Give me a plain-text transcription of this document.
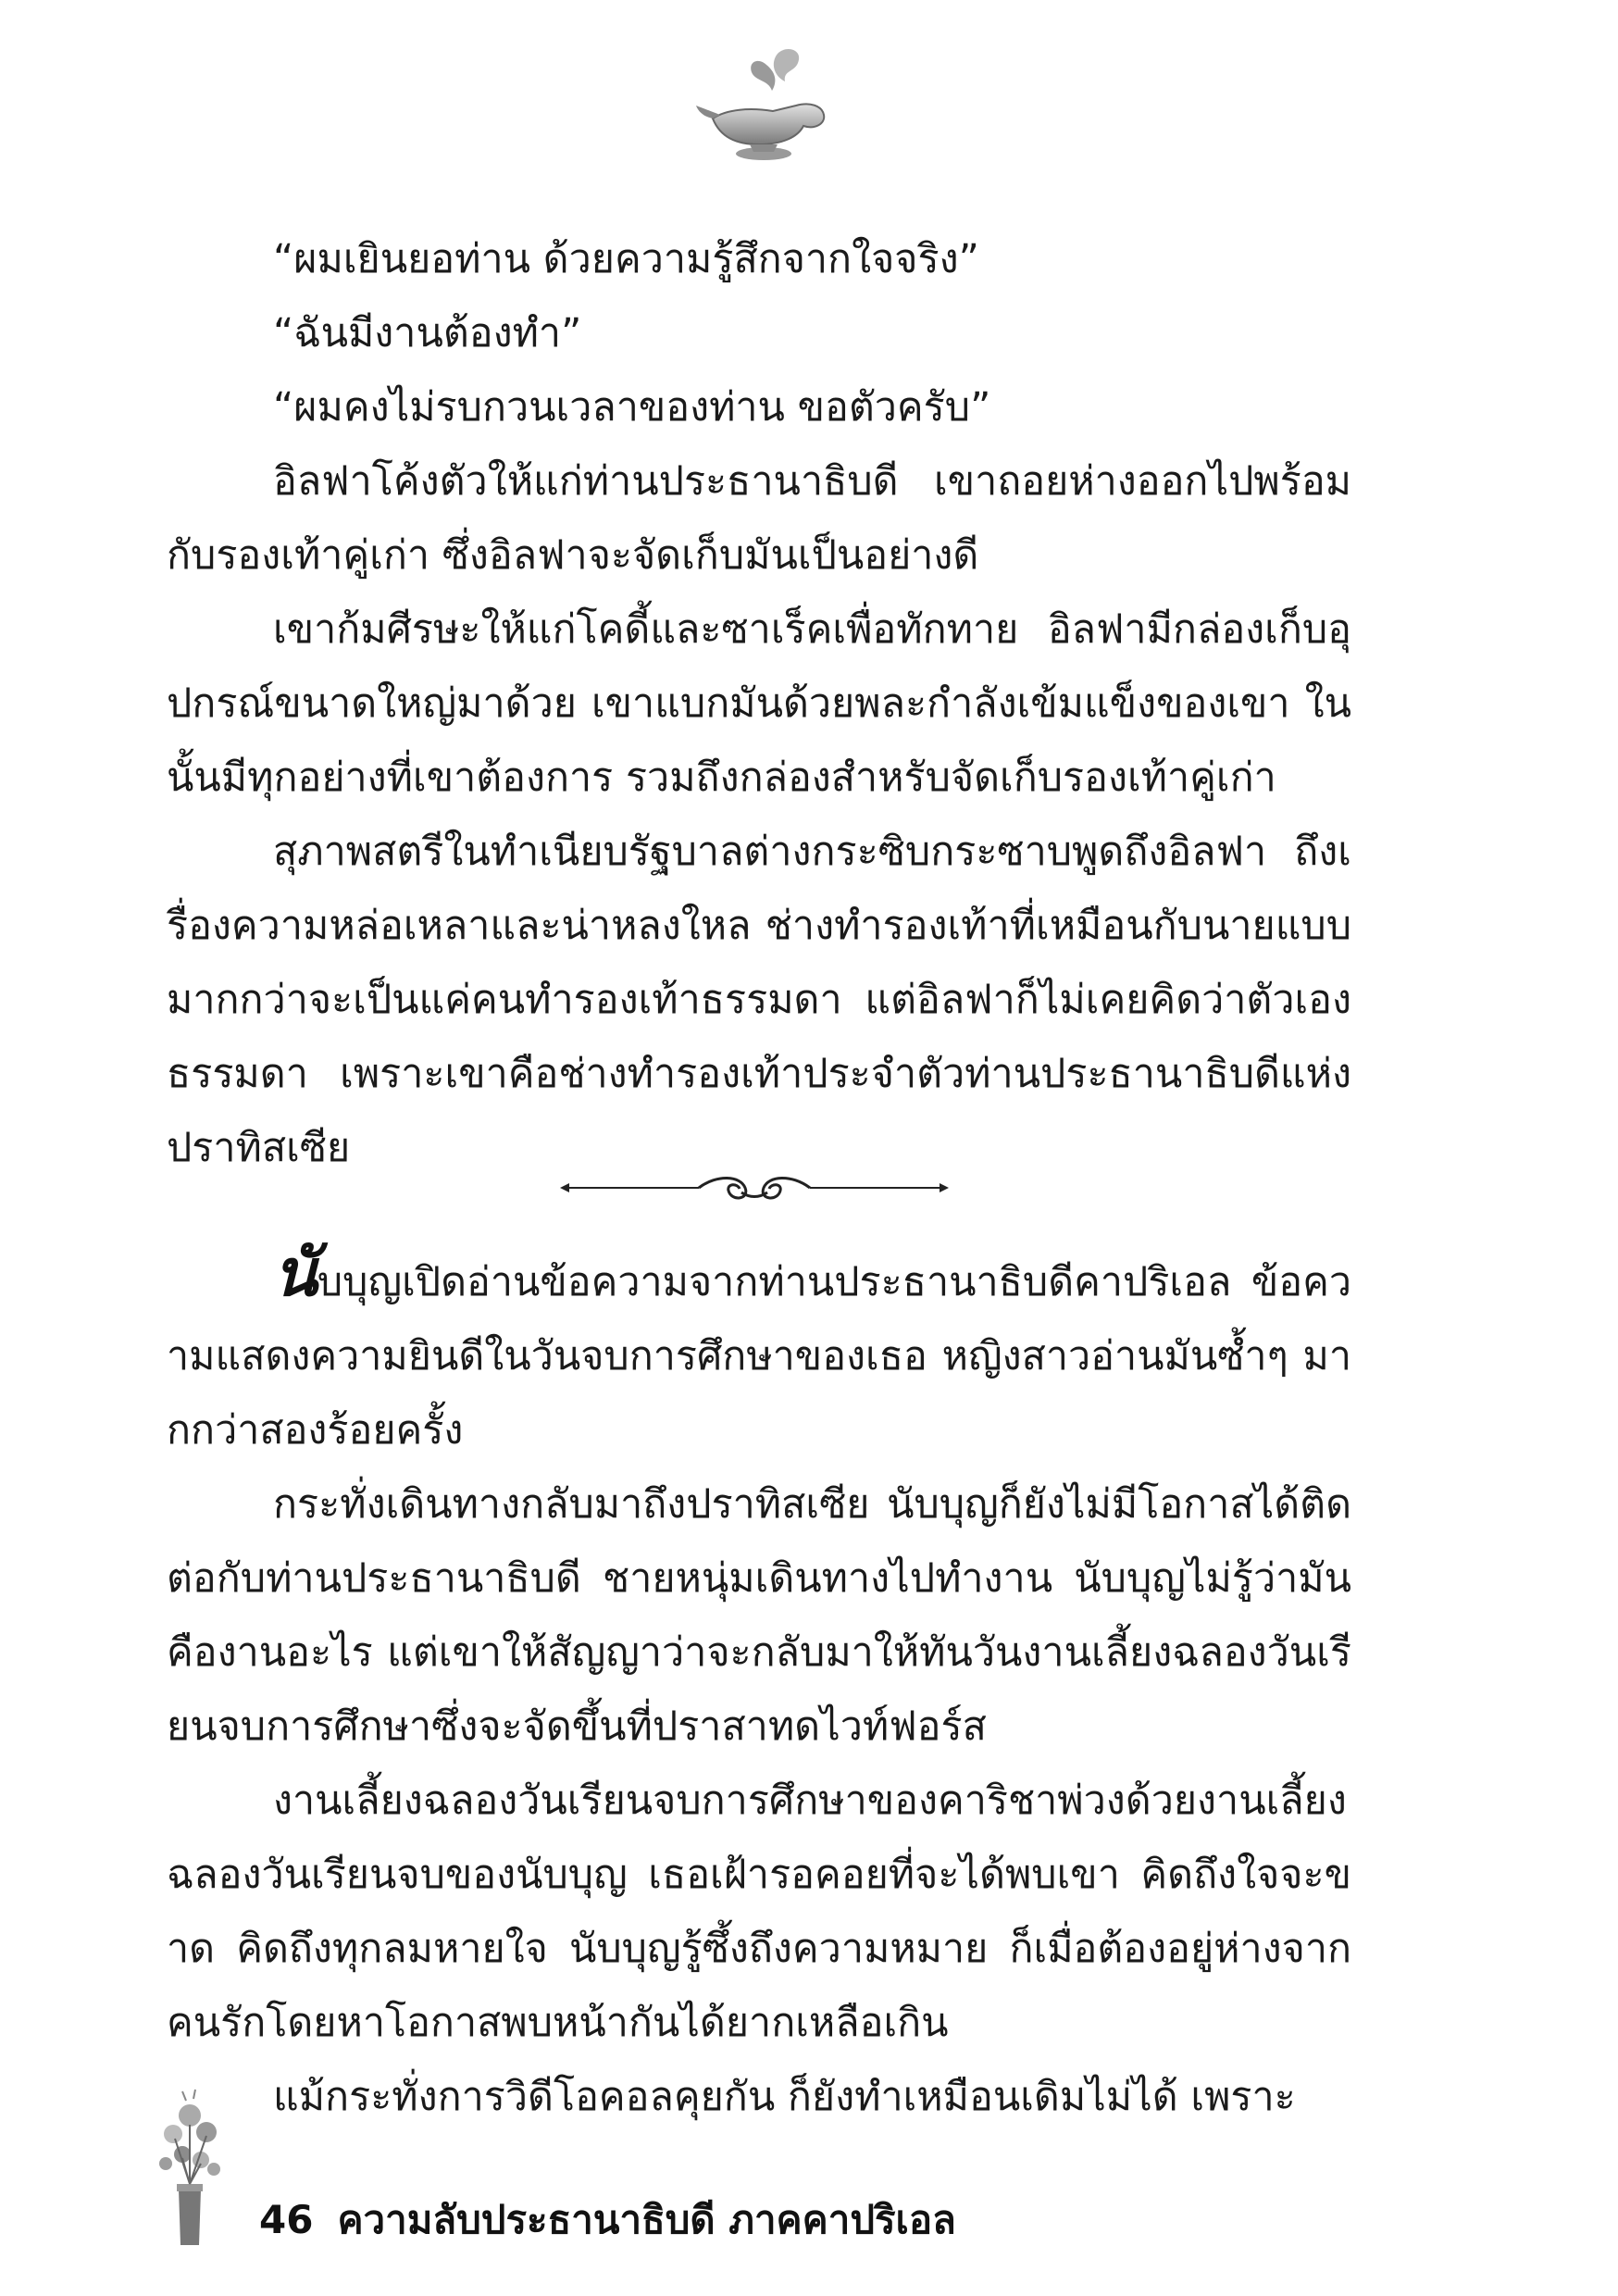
“ผมเยินยอท่าน ด้วยความรู้สึกจากใจจริง”

“ฉันมีงานต้องทำ”

“ผมคงไม่รบกวนเวลาของท่าน ขอตัวครับ”

อิลฟาโค้งตัวให้แก่ท่านประธานาธิบดี เขาถอยห่างออกไปพร้อมกับรองเท้าคู่เก่า ซึ่งอิลฟาจะจัดเก็บมันเป็นอย่างดี

เขาก้มศีรษะให้แก่โคดี้และซาเร็คเพื่อทักทาย อิลฟามีกล่องเก็บอุปกรณ์ขนาดใหญ่มาด้วย เขาแบกมันด้วยพละกำลังเข้มแข็งของเขา ในนั้นมีทุกอย่างที่เขาต้องการ รวมถึงกล่องสำหรับจัดเก็บรองเท้าคู่เก่า

สุภาพสตรีในทำเนียบรัฐบาลต่างกระซิบกระซาบพูดถึงอิลฟา ถึงเรื่องความหล่อเหลาและน่าหลงใหล ช่างทำรองเท้าที่เหมือนกับนายแบบมากกว่าจะเป็นแค่คนทำรองเท้าธรรมดา แต่อิลฟาก็ไม่เคยคิดว่าตัวเองธรรมดา เพราะเขาคือช่างทำรองเท้าประจำตัวท่านประธานาธิบดีแห่งปราทิสเซีย

นับบุญเปิดอ่านข้อความจากท่านประธานาธิบดีคาปริเอล ข้อความแสดงความยินดีในวันจบการศึกษาของเธอ หญิงสาวอ่านมันซ้ำๆ มากกว่าสองร้อยครั้ง

กระทั่งเดินทางกลับมาถึงปราทิสเซีย นับบุญก็ยังไม่มีโอกาสได้ติดต่อกับท่านประธานาธิบดี ชายหนุ่มเดินทางไปทำงาน นับบุญไม่รู้ว่ามันคืองานอะไร แต่เขาให้สัญญาว่าจะกลับมาให้ทันวันงานเลี้ยงฉลองวันเรียนจบการศึกษาซึ่งจะจัดขึ้นที่ปราสาทดไวท์ฟอร์ส

งานเลี้ยงฉลองวันเรียนจบการศึกษาของคาริชาพ่วงด้วยงานเลี้ยงฉลองวันเรียนจบของนับบุญ เธอเฝ้ารอคอยที่จะได้พบเขา คิดถึงใจจะขาด คิดถึงทุกลมหายใจ นับบุญรู้ซึ้งถึงความหมาย ก็เมื่อต้องอยู่ห่างจากคนรักโดยหาโอกาสพบหน้ากันได้ยากเหลือเกิน

แม้กระทั่งการวิดีโอคอลคุยกัน ก็ยังทำเหมือนเดิมไม่ได้ เพราะ

46 ความลับประธานาธิบดี ภาคคาปริเอล
